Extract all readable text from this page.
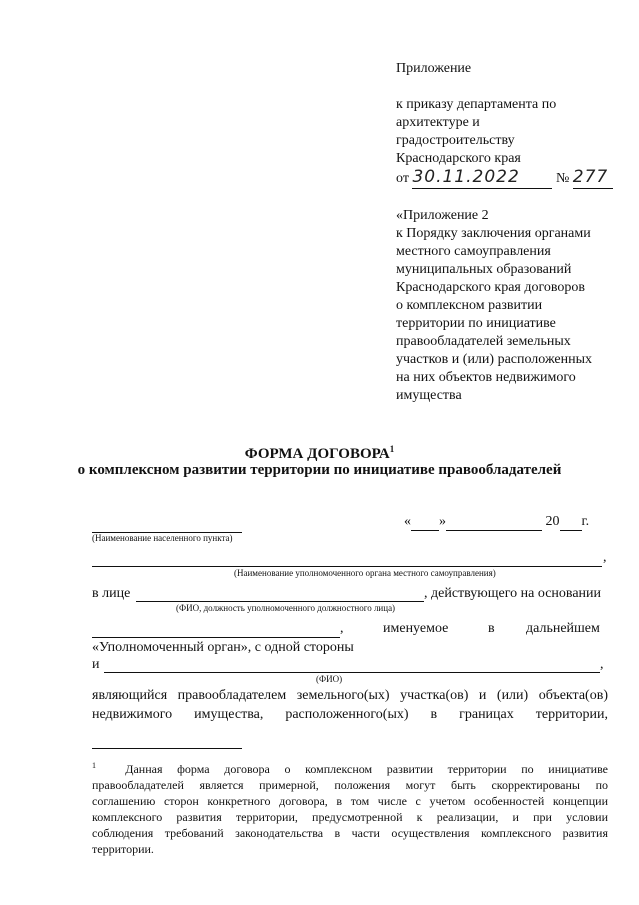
Приложение
к приказу департамента по
архитектуре и
градостроительству
Краснодарского края
от 30.11.2022	№ 277
«Приложение 2
к Порядку заключения органами
местного самоуправления
муниципальных образований
Краснодарского края договоров
о комплексном развитии
территории по инициативе
правообладателей земельных
участков и (или) расположенных
на них объектов недвижимого
имущества
ФОРМА ДОГОВОРА$^1$
о комплексном развитии территории по инициативе правообладателей
(Наименование населенного пункта)
« »	20 г.
,
(Наименование уполномоченного органа местного самоуправления)
в лице	, действующего на основании
(ФИО, должность уполномоченного должностного лица)
,	именуемое	в дальнейшем
«Уполномоченный орган», с одной стороны
и	,
(ФИО)
являющийся правообладателем земельного(ых) участка(ов) и (или) объекта(ов)
недвижимого имущества, расположенного(ых) в границах территории,
$^1$ Данная форма договора о комплексном развитии территории по инициативе
правообладателей является примерной, положения могут быть скорректированы по
соглашению сторон конкретного договора, в том числе с учетом особенностей концепции
комплексного развития территории, предусмотренной к реализации, и при условии
соблюдения требований законодательства в части осуществления комплексного развития
территории.
